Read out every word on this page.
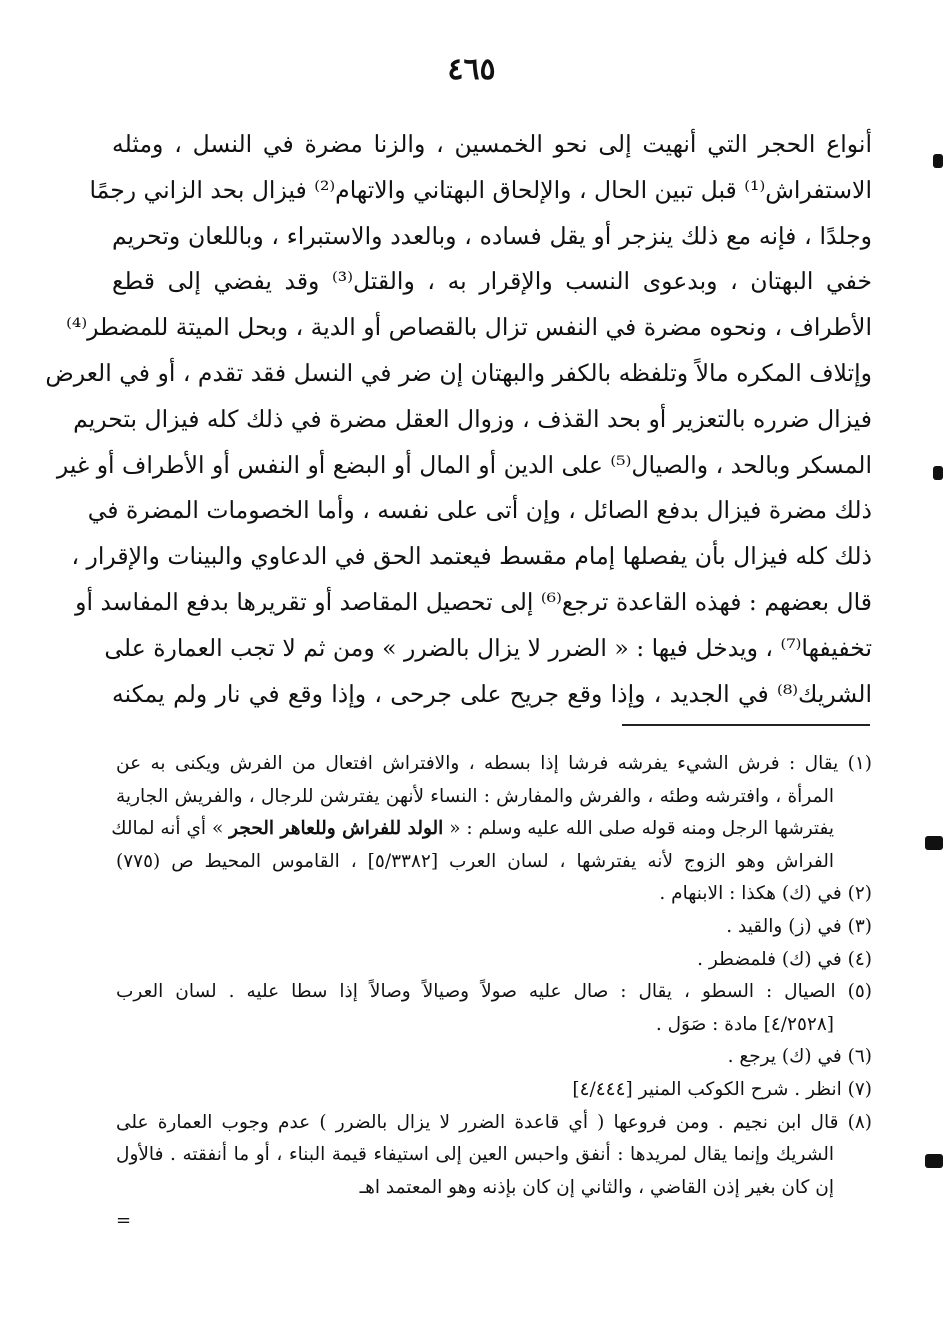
٤٦٥
أنواع الحجر التي أنهيت إلى نحو الخمسين ، والزنا مضرة في النسل ، ومثله
الاستفراش⁽¹⁾ قبل تبين الحال ، والإلحاق البهتاني والاتهام⁽²⁾ فيزال بحد الزاني رجمًا
وجلدًا ، فإنه مع ذلك ينزجر أو يقل فساده ، وبالعدد والاستبراء ، وباللعان وتحريم
خفي البهتان ، وبدعوى النسب والإقرار به ، والقتل⁽³⁾ وقد يفضي إلى قطع
الأطراف ، ونحوه مضرة في النفس تزال بالقصاص أو الدية ، وبحل الميتة للمضطر⁽⁴⁾
وإتلاف المكره مالاً وتلفظه بالكفر والبهتان إن ضر في النسل فقد تقدم ، أو في العرض
فيزال ضرره بالتعزير أو بحد القذف ، وزوال العقل مضرة في ذلك كله فيزال بتحريم
المسكر وبالحد ، والصيال⁽⁵⁾ على الدين أو المال أو البضع أو النفس أو الأطراف أو غير
ذلك مضرة فيزال بدفع الصائل ، وإن أتى على نفسه ، وأما الخصومات المضرة في
ذلك كله فيزال بأن يفصلها إمام مقسط فيعتمد الحق في الدعاوي والبينات والإقرار ،
قال بعضهم : فهذه القاعدة ترجع⁽⁶⁾ إلى تحصيل المقاصد أو تقريرها بدفع المفاسد أو
تخفيفها⁽⁷⁾ ، ويدخل فيها : « الضرر لا يزال بالضرر » ومن ثم لا تجب العمارة على
الشريك⁽⁸⁾ في الجديد ، وإذا وقع جريح على جرحى ، وإذا وقع في نار ولم يمكنه
(١) يقال : فرش الشيء يفرشه فرشا إذا بسطه ، والافتراش افتعال من الفرش ويكنى به عن
المرأة ، وافترشه وطئه ، والفرش والمفارش : النساء لأنهن يفترشن للرجال ، والفريش الجارية
يفترشها الرجل ومنه قوله صلى الله عليه وسلم : « الولد للفراش وللعاهر الحجر » أي أنه لمالك
الفراش وهو الزوج لأنه يفترشها ، لسان العرب [٥/٣٣٨٢] ، القاموس المحيط ص (٧٧٥)
(٢) في (ك) هكذا : الابنهام .
(٣) في (ز) والقيد .
(٤) في (ك) فلمضطر .
(٥) الصيال : السطو ، يقال : صال عليه صولاً وصيالاً وصالاً إذا سطا عليه . لسان العرب
[٤/٢٥٢٨] مادة : صَوَل .
(٦) في (ك) يرجع .
(٧) انظر . شرح الكوكب المنير [٤/٤٤٤]
(٨) قال ابن نجيم . ومن فروعها ( أي قاعدة الضرر لا يزال بالضرر ) عدم وجوب العمارة على
الشريك وإنما يقال لمريدها : أنفق واحبس العين إلى استيفاء قيمة البناء ، أو ما أنفقته . فالأول
إن كان بغير إذن القاضي ، والثاني إن كان بإذنه وهو المعتمد اهـ
=
